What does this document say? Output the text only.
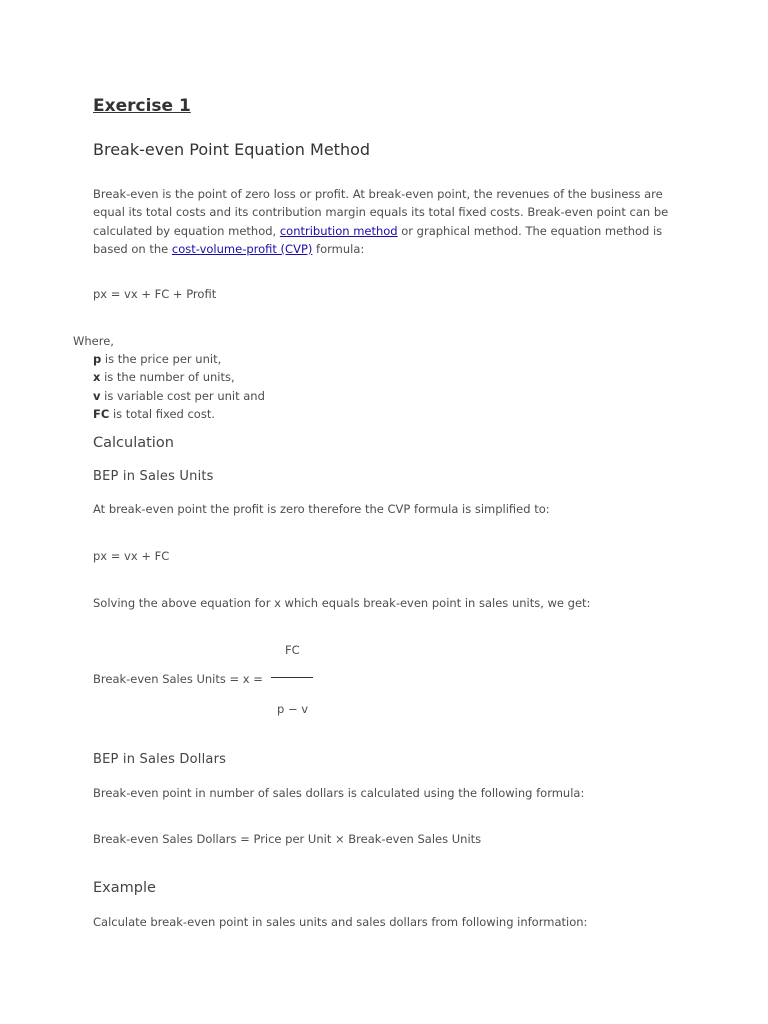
Exercise 1
Break-even Point Equation Method
Break-even is the point of zero loss or profit. At break-even point, the revenues of the business are equal its total costs and its contribution margin equals its total fixed costs. Break-even point can be calculated by equation method, contribution method or graphical method. The equation method is based on the cost-volume-profit (CVP) formula:
px = vx + FC + Profit
Where,
p is the price per unit,
x is the number of units,
v is variable cost per unit and
FC is total fixed cost.
Calculation
BEP in Sales Units
At break-even point the profit is zero therefore the CVP formula is simplified to:
px = vx + FC
Solving the above equation for x which equals break-even point in sales units, we get:
FC
Break-even Sales Units = x =
p − v
BEP in Sales Dollars
Break-even point in number of sales dollars is calculated using the following formula:
Break-even Sales Dollars = Price per Unit × Break-even Sales Units
Example
Calculate break-even point in sales units and sales dollars from following information:
